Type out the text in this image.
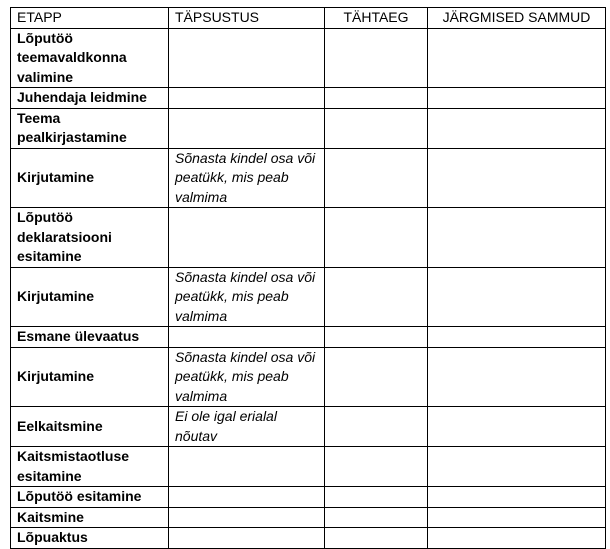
ETAPP	TÄPSUSTUS	TÄHTAEG	JÄRGMISED SAMMUD
Lõputöö teemavaldkonna valimine			
Juhendaja leidmine			
Teema pealkirjastamine			
Kirjutamine	Sõnasta kindel osa või peatükk, mis peab valmima		
Lõputöö deklaratsiooni esitamine			
Kirjutamine	Sõnasta kindel osa või peatükk, mis peab valmima		
Esmane ülevaatus			
Kirjutamine	Sõnasta kindel osa või peatükk, mis peab valmima		
Eelkaitsmine	Ei ole igal erialal nõutav		
Kaitsmistaotluse esitamine			
Lõputöö esitamine			
Kaitsmine			
Lõpuaktus			
